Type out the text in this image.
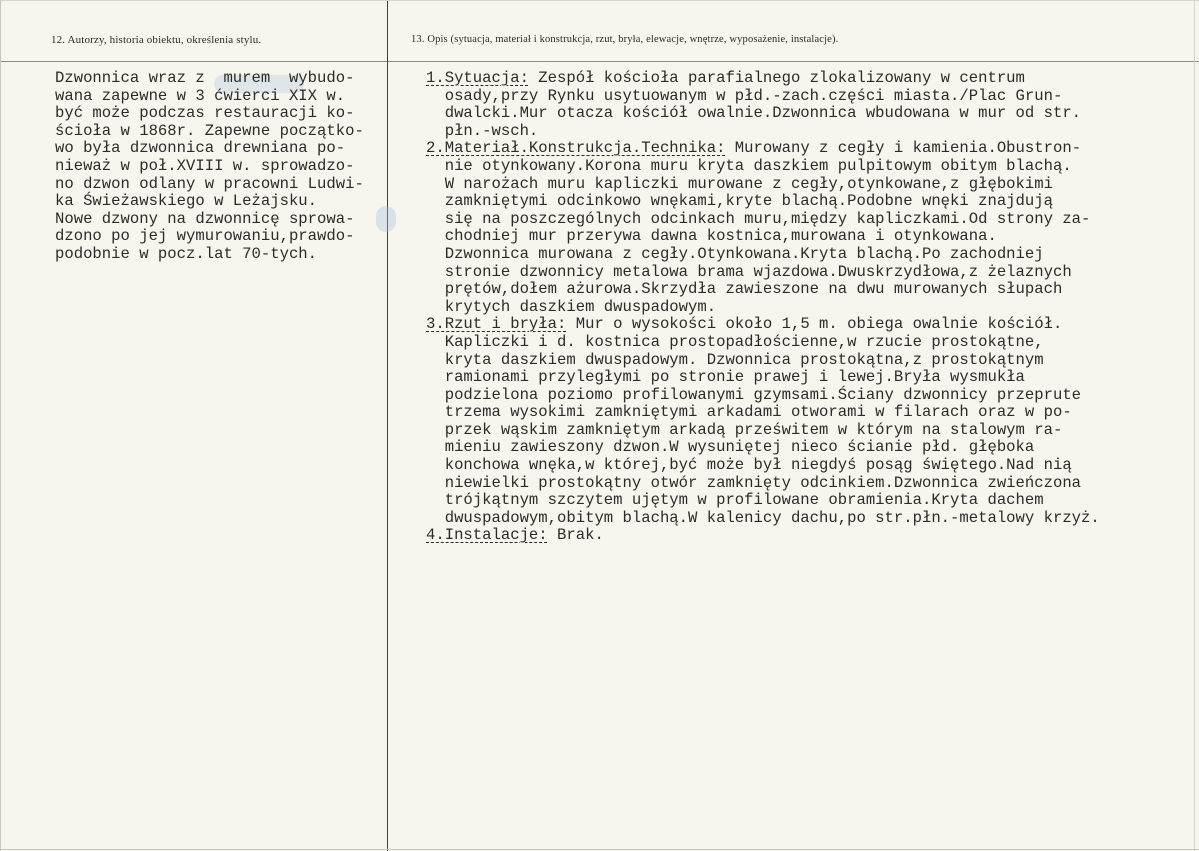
12. Autorzy, historia obiektu, określenia stylu.	13. Opis (sytuacja, materiał i konstrukcja, rzut, bryła, elewacje, wnętrze, wyposażenie, instalacje).
Dzwonnica wraz z  murem  wybudo-
wana zapewne w 3 ćwierci XIX w.
być może podczas restauracji ko-
ścioła w 1868r. Zapewne początko-
wo była dzwonnica drewniana po-
nieważ w poł.XVIII w. sprowadzo-
no dzwon odlany w pracowni Ludwi-
ka Świeżawskiego w Leżajsku.
Nowe dzwony na dzwonnicę sprowa-
dzono po jej wymurowaniu,prawdo-
podobnie w pocz.lat 70-tych.
1.Sytuacja: Zespół kościoła parafialnego zlokalizowany w centrum
osady,przy Rynku usytuowanym w płd.-zach.części miasta./Plac Grun-
dwalcki.Mur otacza kościół owalnie.Dzwonnica wbudowana w mur od str.
płn.-wsch.
2.Materiał.Konstrukcja.Technika: Murowany z cegły i kamienia.Obustron-
nie otynkowany.Korona muru kryta daszkiem pulpitowym obitym blachą.
W narożach muru kapliczki murowane z cegły,otynkowane,z głębokimi
zamkniętymi odcinkowo wnękami,kryte blachą.Podobne wnęki znajdują
się na poszczególnych odcinkach muru,między kapliczkami.Od strony za-
chodniej mur przerywa dawna kostnica,murowana i otynkowana.
Dzwonnica murowana z cegły.Otynkowana.Kryta blachą.Po zachodniej
stronie dzwonnicy metalowa brama wjazdowa.Dwuskrzydłowa,z żelaznych
prętów,dołem ażurowa.Skrzydła zawieszone na dwu murowanych słupach
krytych daszkiem dwuspadowym.
3.Rzut i bryła: Mur o wysokości około 1,5 m. obiega owalnie kościół.
Kapliczki i d. kostnica prostopadłościenne,w rzucie prostokątne,
kryta daszkiem dwuspadowym. Dzwonnica prostokątna,z prostokątnym
ramionami przyległymi po stronie prawej i lewej.Bryła wysmukła
podzielona poziomo profilowanymi gzymsami.Ściany dzwonnicy przeprute
trzema wysokimi zamkniętymi arkadami otworami w filarach oraz w po-
przek wąskim zamkniętym arkadą prześwitem w którym na stalowym ra-
mieniu zawieszony dzwon.W wysuniętej nieco ścianie płd. głęboka
konchowa wnęka,w której,być może był niegdyś posąg świętego.Nad nią
niewielki prostokątny otwór zamknięty odcinkiem.Dzwonnica zwieńczona
trójkątnym szczytem ujętym w profilowane obramienia.Kryta dachem
dwuspadowym,obitym blachą.W kalenicy dachu,po str.płn.-metalowy krzyż.
4.Instalacje: Brak.
